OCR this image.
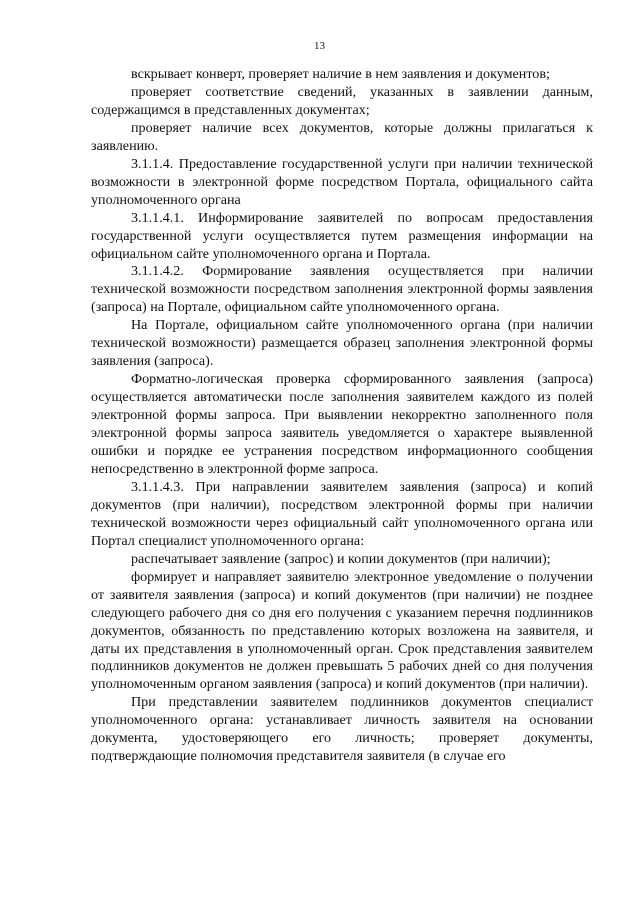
13

вскрывает конверт, проверяет наличие в нем заявления и документов;

проверяет соответствие сведений, указанных в заявлении данным, содержащимся в представленных документах;

проверяет наличие всех документов, которые должны прилагаться к заявлению.

3.1.1.4. Предоставление государственной услуги при наличии технической возможности в электронной форме посредством Портала, официального сайта уполномоченного органа

3.1.1.4.1. Информирование заявителей по вопросам предоставления государственной услуги осуществляется путем размещения информации на официальном сайте уполномоченного органа и Портала.

3.1.1.4.2. Формирование заявления осуществляется при наличии технической возможности посредством заполнения электронной формы заявления (запроса) на Портале, официальном сайте уполномоченного органа.

На Портале, официальном сайте уполномоченного органа (при наличии технической возможности) размещается образец заполнения электронной формы заявления (запроса).

Форматно-логическая проверка сформированного заявления (запроса) осуществляется автоматически после заполнения заявителем каждого из полей электронной формы запроса. При выявлении некорректно заполненного поля электронной формы запроса заявитель уведомляется о характере выявленной ошибки и порядке ее устранения посредством информационного сообщения непосредственно в электронной форме запроса.

3.1.1.4.3. При направлении заявителем заявления (запроса) и копий документов (при наличии), посредством электронной формы при наличии технической возможности через официальный сайт уполномоченного органа или Портал специалист уполномоченного органа:

распечатывает заявление (запрос) и копии документов (при наличии);

формирует и направляет заявителю электронное уведомление о получении от заявителя заявления (запроса) и копий документов (при наличии) не позднее следующего рабочего дня со дня его получения с указанием перечня подлинников документов, обязанность по представлению которых возложена на заявителя, и даты их представления в уполномоченный орган. Срок представления заявителем подлинников документов не должен превышать 5 рабочих дней со дня получения уполномоченным органом заявления (запроса) и копий документов (при наличии).

При представлении заявителем подлинников документов специалист уполномоченного органа: устанавливает личность заявителя на основании документа, удостоверяющего его личность; проверяет документы, подтверждающие полномочия представителя заявителя (в случае его
